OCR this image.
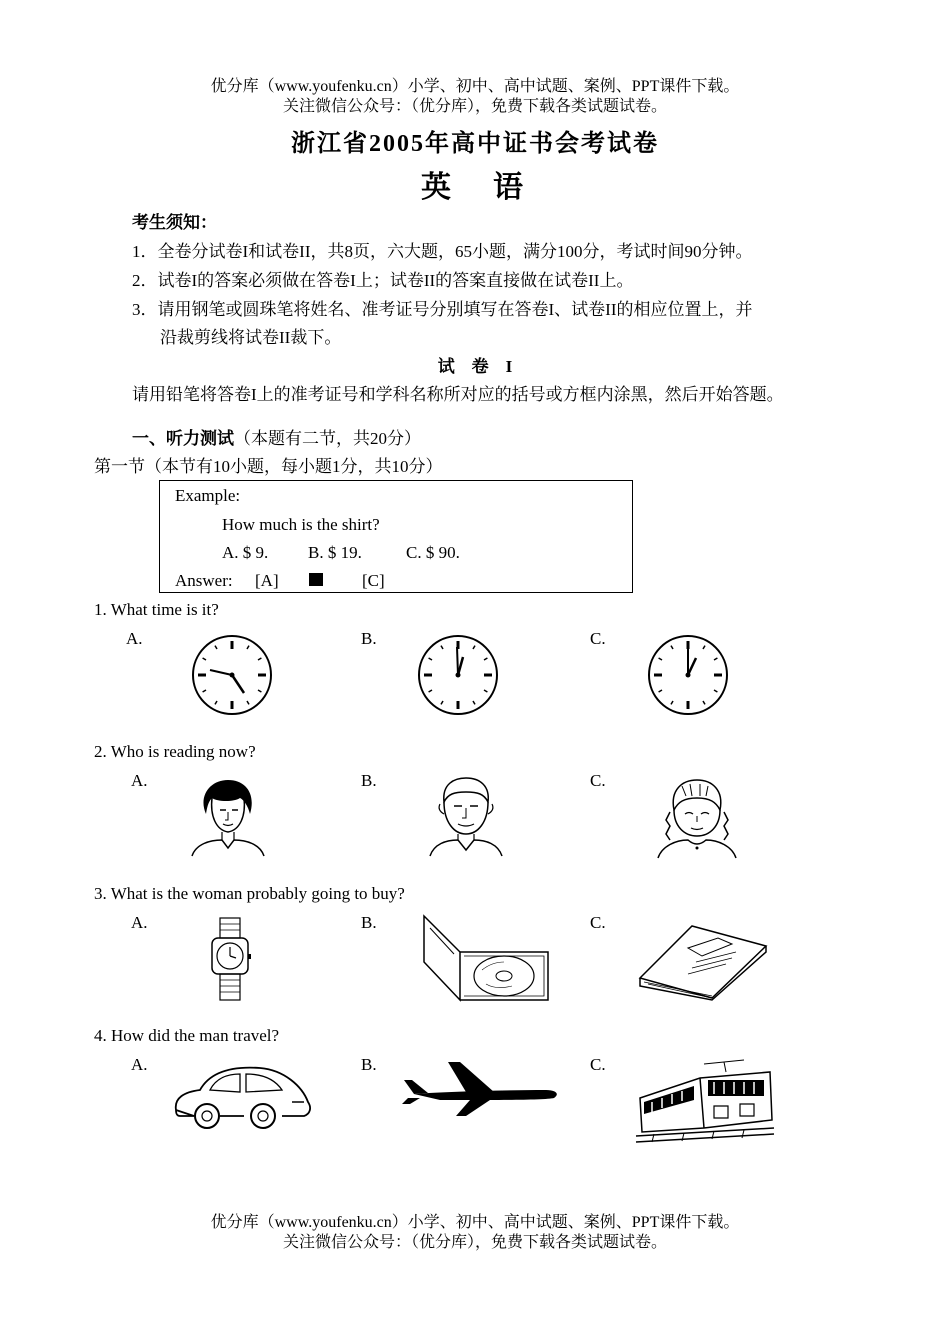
优分库（www.youfenku.cn）小学、初中、高中试题、案例、PPT课件下载。
关注微信公众号：（优分库），免费下载各类试题试卷。
浙江省2005年高中证书会考试卷
英　语
考生须知：
1．全卷分试卷I和试卷II，共8页，六大题，65小题，满分100分，考试时间90分钟。
2．试卷I的答案必须做在答卷I上；试卷II的答案直接做在试卷II上。
3．请用钢笔或圆珠笔将姓名、准考证号分别填写在答卷I、试卷II的相应位置上，并
沿裁剪线将试卷II裁下。
试　卷　I
请用铅笔将答卷I上的准考证号和学科名称所对应的括号或方框内涂黑，然后开始答题。
一、听力测试（本题有二节，共20分）
第一节（本节有10小题，每小题1分，共10分）
Example:
How much is the shirt?
A. $ 9. B. $ 19.	C. $ 90.
Answer: [A]	[C]
1. What time is it?
A.	B.	C.
2. Who is reading now?
A.	B.	C.
3. What is the woman probably going to buy?
A.	B.	C.
4. How did the man travel?
A.	B.	C.
优分库（www.youfenku.cn）小学、初中、高中试题、案例、PPT课件下载。
关注微信公众号：（优分库），免费下载各类试题试卷。
